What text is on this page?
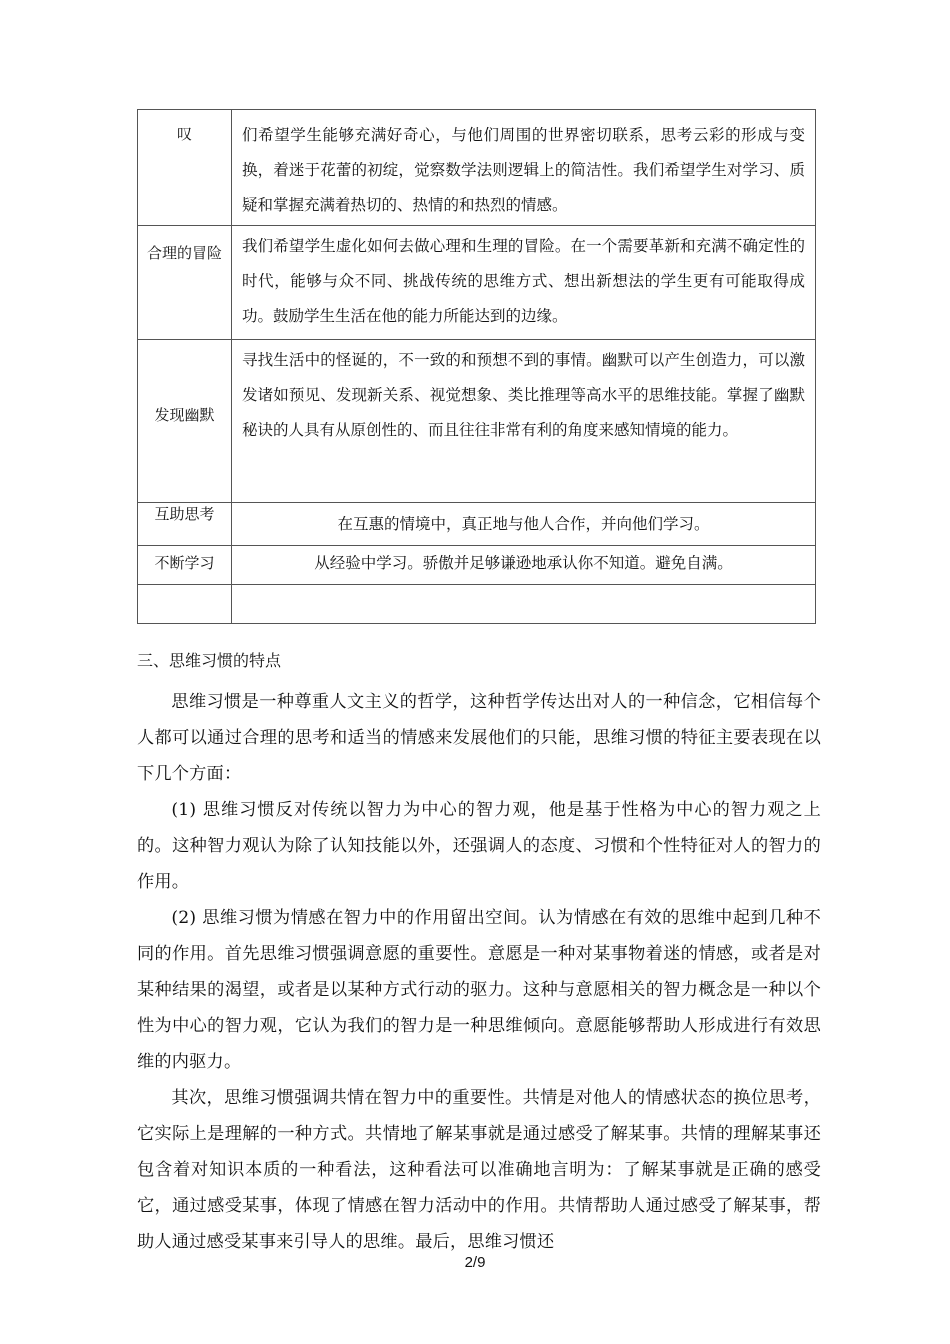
叹	们希望学生能够充满好奇心，与他们周围的世界密切联系，思考云彩的形成与变换，着迷于花蕾的初绽，觉察数学法则逻辑上的简洁性。我们希望学生对学习、质疑和掌握充满着热切的、热情的和热烈的情感。
合理的冒险	我们希望学生虚化如何去做心理和生理的冒险。在一个需要革新和充满不确定性的时代，能够与众不同、挑战传统的思维方式、想出新想法的学生更有可能取得成功。鼓励学生生活在他的能力所能达到的边缘。
发现幽默	寻找生活中的怪诞的，不一致的和预想不到的事情。幽默可以产生创造力，可以激发诸如预见、发现新关系、视觉想象、类比推理等高水平的思维技能。掌握了幽默秘诀的人具有从原创性的、而且往往非常有利的角度来感知情境的能力。
互助思考	在互惠的情境中，真正地与他人合作，并向他们学习。
不断学习	从经验中学习。骄傲并足够谦逊地承认你不知道。避免自满。

三、思维习惯的特点

思维习惯是一种尊重人文主义的哲学，这种哲学传达出对人的一种信念，它相信每个人都可以通过合理的思考和适当的情感来发展他们的只能，思维习惯的特征主要表现在以下几个方面：

(1) 思维习惯反对传统以智力为中心的智力观，他是基于性格为中心的智力观之上的。这种智力观认为除了认知技能以外，还强调人的态度、习惯和个性特征对人的智力的作用。

(2) 思维习惯为情感在智力中的作用留出空间。认为情感在有效的思维中起到几种不同的作用。首先思维习惯强调意愿的重要性。意愿是一种对某事物着迷的情感，或者是对某种结果的渴望，或者是以某种方式行动的驱力。这种与意愿相关的智力概念是一种以个性为中心的智力观，它认为我们的智力是一种思维倾向。意愿能够帮助人形成进行有效思维的内驱力。

其次，思维习惯强调共情在智力中的重要性。共情是对他人的情感状态的换位思考，它实际上是理解的一种方式。共情地了解某事就是通过感受了解某事。共情的理解某事还包含着对知识本质的一种看法，这种看法可以准确地言明为：了解某事就是正确的感受它，通过感受某事，体现了情感在智力活动中的作用。共情帮助人通过感受了解某事，帮助人通过感受某事来引导人的思维。最后，思维习惯还

2/9
